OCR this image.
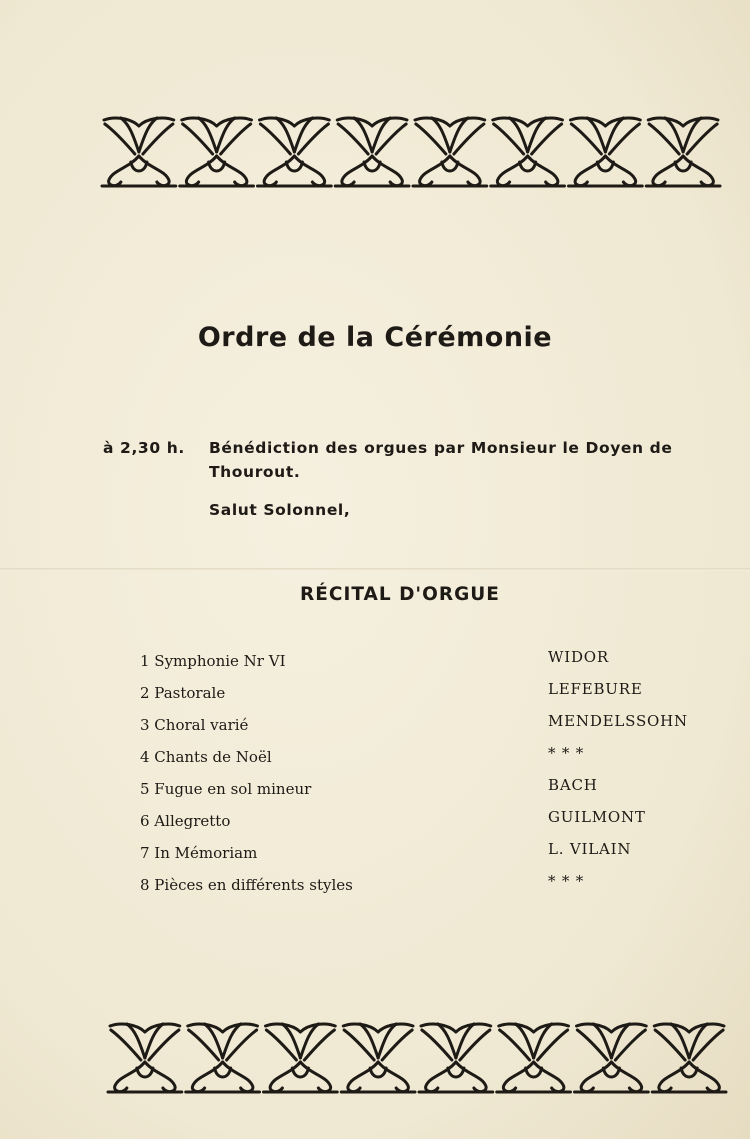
Ordre de la Cérémonie
à 2,30 h.	Bénédiction des orgues par Monsieur le Doyen de
Thourout.
Salut Solonnel,
RÉCITAL D'ORGUE
1 Symphonie Nr VI	WIDOR
2 Pastorale	LEFEBURE
3 Choral varié	MENDELSSOHN
4 Chants de Noël	* * *
5 Fugue en sol mineur	BACH
6 Allegretto	GUILMONT
7 In Mémoriam	L. VILAIN
8 Pièces en différents styles	* * *
